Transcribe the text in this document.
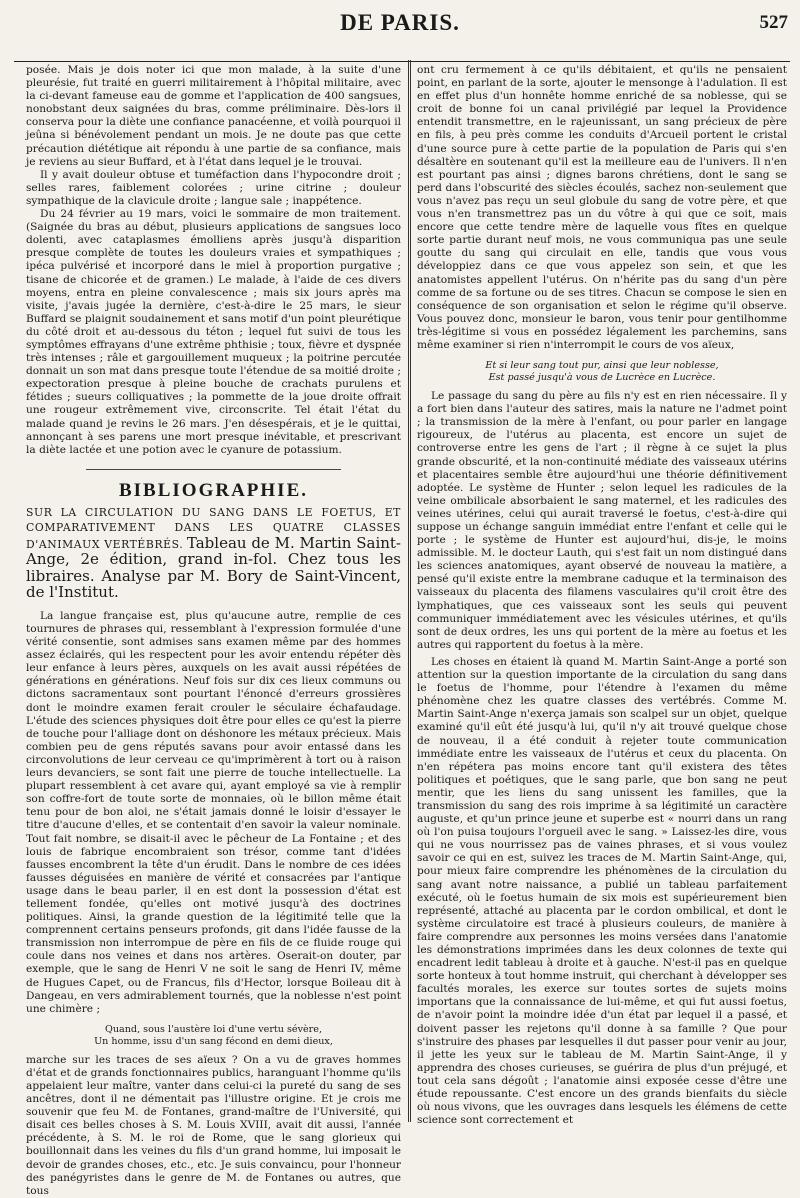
DE PARIS.	527

posée. Mais je dois noter ici que mon malade, à la suite d'une pleurésie, fut traité en guerri militairement à l'hôpital militaire, avec la ci-devant fameuse eau de gomme et l'application de 400 sangsues, nonobstant deux saignées du bras, comme préliminaire. Dès-lors il conserva pour la diète une confiance panacéenne, et voilà pourquoi il jeûna si bénévolement pendant un mois. Je ne doute pas que cette précaution diététique ait répondu à une partie de sa confiance, mais je reviens au sieur Buffard, et à l'état dans lequel je le trouvai.

Il y avait douleur obtuse et tuméfaction dans l'hypocondre droit ; selles rares, faiblement colorées ; urine citrine ; douleur sympathique de la clavicule droite ; langue sale ; inappétence.

Du 24 février au 19 mars, voici le sommaire de mon traitement. (Saignée du bras au début, plusieurs applications de sangsues loco dolenti, avec cataplasmes émolliens après jusqu'à disparition presque complète de toutes les douleurs vraies et sympathiques ; ipéca pulvérisé et incorporé dans le miel à proportion purgative ; tisane de chicorée et de gramen.) Le malade, à l'aide de ces divers moyens, entra en pleine convalescence ; mais six jours après ma visite, j'avais jugée la dernière, c'est-à-dire le 25 mars, le sieur Buffard se plaignit soudainement et sans motif d'un point pleurétique du côté droit et au-dessous du téton ; lequel fut suivi de tous les symptômes effrayans d'une extrême phthisie ; toux, fièvre et dyspnée très intenses ; râle et gargouillement muqueux ; la poitrine percutée donnait un son mat dans presque toute l'étendue de sa moitié droite ; expectoration presque à pleine bouche de crachats purulens et fétides ; sueurs colliquatives ; la pommette de la joue droite offrait une rougeur extrêmement vive, circonscrite. Tel était l'état du malade quand je revins le 26 mars. J'en désespérais, et je le quittai, annonçant à ses parens une mort presque inévitable, et prescrivant la diète lactée et une potion avec le cyanure de potassium.

BIBLIOGRAPHIE.
SUR LA CIRCULATION DU SANG DANS LE FOETUS, ET COMPARATIVEMENT DANS LES QUATRE CLASSES D'ANIMAUX VERTÉBRÉS. Tableau de M. Martin Saint-Ange, 2e édition, grand in-fol. Chez tous les libraires. Analyse par M. Bory de Saint-Vincent, de l'Institut.

La langue française est, plus qu'aucune autre, remplie de ces tournures de phrases qui, ressemblant à l'expression formulée d'une vérité consentie, sont admises sans examen même par des hommes assez éclairés, qui les respectent pour les avoir entendu répéter dès leur enfance à leurs pères, auxquels on les avait aussi répétées de générations en générations. Neuf fois sur dix ces lieux communs ou dictons sacramentaux sont pourtant l'énoncé d'erreurs grossières dont le moindre examen ferait crouler le séculaire échafaudage. L'étude des sciences physiques doit être pour elles ce qu'est la pierre de touche pour l'alliage dont on déshonore les métaux précieux. Mais combien peu de gens réputés savans pour avoir entassé dans les circonvolutions de leur cerveau ce qu'imprimèrent à tort ou à raison leurs devanciers, se sont fait une pierre de touche intellectuelle. La plupart ressemblent à cet avare qui, ayant employé sa vie à remplir son coffre-fort de toute sorte de monnaies, où le billon même était tenu pour de bon aloi, ne s'était jamais donné le loisir d'essayer le titre d'aucune d'elles, et se contentait d'en savoir la valeur nominale. Tout fait nombre, se disait-il avec le pêcheur de La Fontaine ; et des louis de fabrique encombraient son trésor, comme tant d'idées fausses encombrent la tête d'un érudit. Dans le nombre de ces idées fausses déguisées en manière de vérité et consacrées par l'antique usage dans le beau parler, il en est dont la possession d'état est tellement fondée, qu'elles ont motivé jusqu'à des doctrines politiques. Ainsi, la grande question de la légitimité telle que la comprennent certains penseurs profonds, git dans l'idée fausse de la transmission non interrompue de père en fils de ce fluide rouge qui coule dans nos veines et dans nos artères. Oserait-on douter, par exemple, que le sang de Henri V ne soit le sang de Henri IV, même de Hugues Capet, ou de Francus, fils d'Hector, lorsque Boileau dit à Dangeau, en vers admirablement tournés, que la noblesse n'est point une chimère ;

Quand, sous l'austère loi d'une vertu sévère,
Un homme, issu d'un sang fécond en demi dieux,

marche sur les traces de ses aïeux ? On a vu de graves hommes d'état et de grands fonctionnaires publics, haranguant l'homme qu'ils appelaient leur maître, vanter dans celui-ci la pureté du sang de ses ancêtres, dont il ne démentait pas l'illustre origine. Et je crois me souvenir que feu M. de Fontanes, grand-maître de l'Université, qui disait ces belles choses à S. M. Louis XVIII, avait dit aussi, l'année précédente, à S. M. le roi de Rome, que le sang glorieux qui bouillonnait dans les veines du fils d'un grand homme, lui imposait le devoir de grandes choses, etc., etc. Je suis convaincu, pour l'honneur des panégyristes dans le genre de M. de Fontanes ou autres, que tous

ont cru fermement à ce qu'ils débitaient, et qu'ils ne pensaient point, en parlant de la sorte, ajouter le mensonge à l'adulation. Il est en effet plus d'un honnête homme enriché de sa noblesse, qui se croit de bonne foi un canal privilégié par lequel la Providence entendit transmettre, en le rajeunissant, un sang précieux de père en fils, à peu près comme les conduits d'Arcueil portent le cristal d'une source pure à cette partie de la population de Paris qui s'en désaltère en soutenant qu'il est la meilleure eau de l'univers. Il n'en est pourtant pas ainsi ; dignes barons chrétiens, dont le sang se perd dans l'obscurité des siècles écoulés, sachez non-seulement que vous n'avez pas reçu un seul globule du sang de votre père, et que vous n'en transmettrez pas un du vôtre à qui que ce soit, mais encore que cette tendre mère de laquelle vous fîtes en quelque sorte partie durant neuf mois, ne vous communiqua pas une seule goutte du sang qui circulait en elle, tandis que vous vous développiez dans ce que vous appelez son sein, et que les anatomistes appellent l'utérus. On n'hérite pas du sang d'un père comme de sa fortune ou de ses titres. Chacun se compose le sien en conséquence de son organisation et selon le régime qu'il observe. Vous pouvez donc, monsieur le baron, vous tenir pour gentilhomme très-légitime si vous en possédez légalement les parchemins, sans même examiner si rien n'interrompit le cours de vos aïeux,

Et si leur sang tout pur, ainsi que leur noblesse,
Est passé jusqu'à vous de Lucrèce en Lucrèce.

Le passage du sang du père au fils n'y est en rien nécessaire. Il y a fort bien dans l'auteur des satires, mais la nature ne l'admet point ; la transmission de la mère à l'enfant, ou pour parler en langage rigoureux, de l'utérus au placenta, est encore un sujet de controverse entre les gens de l'art ; il règne à ce sujet la plus grande obscurité, et la non-continuité médiate des vaisseaux utérins et placentaires semble être aujourd'hui une théorie définitivement adoptée. Le système de Hunter ; selon lequel les radicules de la veine ombilicale absorbaient le sang maternel, et les radicules des veines utérines, celui qui aurait traversé le foetus, c'est-à-dire qui suppose un échange sanguin immédiat entre l'enfant et celle qui le porte ; le système de Hunter est aujourd'hui, dis-je, le moins admissible. M. le docteur Lauth, qui s'est fait un nom distingué dans les sciences anatomiques, ayant observé de nouveau la matière, a pensé qu'il existe entre la membrane caduque et la terminaison des vaisseaux du placenta des filamens vasculaires qu'il croit être des lymphatiques, que ces vaisseaux sont les seuls qui peuvent communiquer immédiatement avec les vésicules utérines, et qu'ils sont de deux ordres, les uns qui portent de la mère au foetus et les autres qui rapportent du foetus à la mère.

Les choses en étaient là quand M. Martin Saint-Ange a porté son attention sur la question importante de la circulation du sang dans le foetus de l'homme, pour l'étendre à l'examen du même phénomène chez les quatre classes des vertébrés. Comme M. Martin Saint-Ange n'exerça jamais son scalpel sur un objet, quelque examiné qu'il eût été jusqu'à lui, qu'il n'y ait trouvé quelque chose de nouveau, il a été conduit à rejeter toute communication immédiate entre les vaisseaux de l'utérus et ceux du placenta. On n'en répétera pas moins encore tant qu'il existera des têtes politiques et poétiques, que le sang parle, que bon sang ne peut mentir, que les liens du sang unissent les familles, que la transmission du sang des rois imprime à sa légitimité un caractère auguste, et qu'un prince jeune et superbe est « nourri dans un rang où l'on puisa toujours l'orgueil avec le sang. » Laissez-les dire, vous qui ne vous nourrissez pas de vaines phrases, et si vous voulez savoir ce qui en est, suivez les traces de M. Martin Saint-Ange, qui, pour mieux faire comprendre les phénomènes de la circulation du sang avant notre naissance, a publié un tableau parfaitement exécuté, où le foetus humain de six mois est supérieurement bien représenté, attaché au placenta par le cordon ombilical, et dont le système circulatoire est tracé à plusieurs couleurs, de manière à faire comprendre aux personnes les moins versées dans l'anatomie les démonstrations imprimées dans les deux colonnes de texte qui encadrent ledit tableau à droite et à gauche. N'est-il pas en quelque sorte honteux à tout homme instruit, qui cherchant à développer ses facultés morales, les exerce sur toutes sortes de sujets moins importans que la connaissance de lui-même, et qui fut aussi foetus, de n'avoir point la moindre idée d'un état par lequel il a passé, et doivent passer les rejetons qu'il donne à sa famille ? Que pour s'instruire des phases par lesquelles il dut passer pour venir au jour, il jette les yeux sur le tableau de M. Martin Saint-Ange, il y apprendra des choses curieuses, se guérira de plus d'un préjugé, et tout cela sans dégoût ; l'anatomie ainsi exposée cesse d'être une étude repoussante. C'est encore un des grands bienfaits du siècle où nous vivons, que les ouvrages dans lesquels les élémens de cette science sont correctement et
